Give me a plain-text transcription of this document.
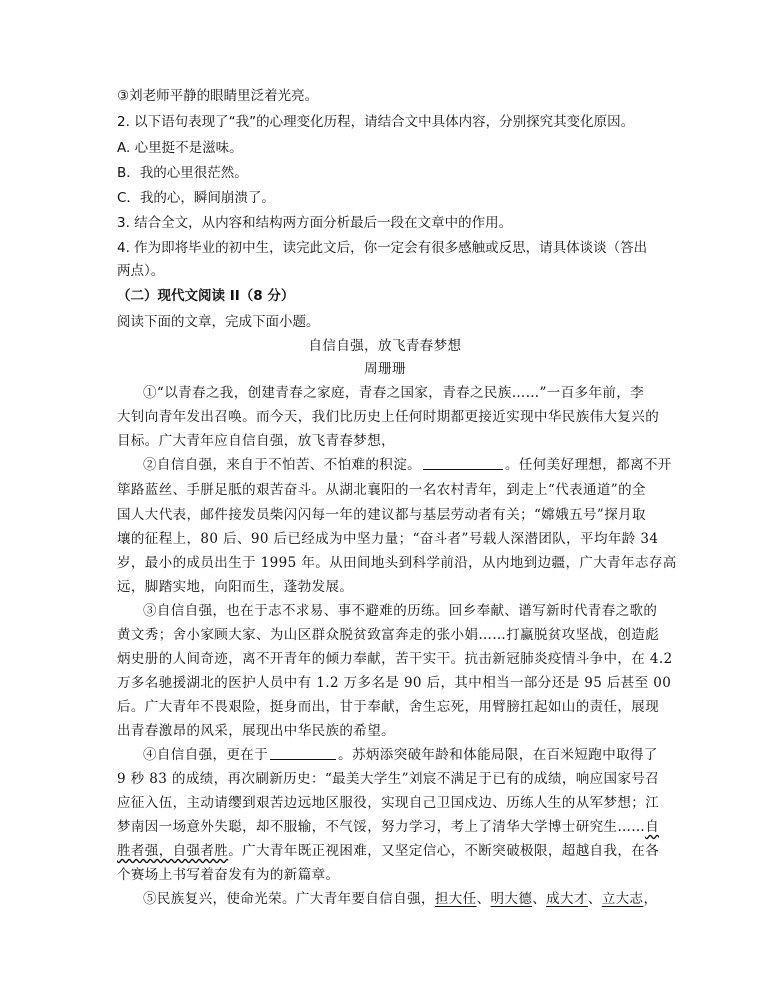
③刘老师平静的眼睛里泛着光亮。
2. 以下语句表现了“我”的心理变化历程，请结合文中具体内容，分别探究其变化原因。
A. 心里挺不是滋味。
B．我的心里很茫然。
C．我的心，瞬间崩溃了。
3. 结合全文，从内容和结构两方面分析最后一段在文章中的作用。
4. 作为即将毕业的初中生，读完此文后，你一定会有很多感触或反思，请具体谈谈（答出
两点）。
（二）现代文阅读 II（8 分）
阅读下面的文章，完成下面小题。
自信自强，放飞青春梦想
周珊珊
①“以青春之我，创建青春之家庭，青春之国家，青春之民族……”一百多年前，李
大钊向青年发出召唤。而今天，我们比历史上任何时期都更接近实现中华民族伟大复兴的
目标。广大青年应自信自强，放飞青春梦想，
②自信自强，来自于不怕苦、不怕难的积淀。	。任何美好理想，都离不开
筚路蓝丝、手胼足胝的艰苦奋斗。从湖北襄阳的一名农村青年，到走上“代表通道”的全
国人大代表，邮件接发员柴闪闪每一年的建议都与基层劳动者有关；“嫦娥五号”探月取
壤的征程上，80 后、90 后已经成为中坚力量；“奋斗者”号载人深潜团队，平均年龄 34
岁，最小的成员出生于 1995 年。从田间地头到科学前沿，从内地到边疆，广大青年志存高
远，脚踏实地，向阳而生，蓬勃发展。
③自信自强，也在于志不求易、事不避难的历练。回乡奉献、谱写新时代青春之歌的
黄文秀；舍小家顾大家、为山区群众脱贫致富奔走的张小娟……打赢脱贫攻坚战，创造彪
炳史册的人间奇迹，离不开青年的倾力奉献，苦干实干。抗击新冠肺炎疫情斗争中，在 4.2
万多名驰援湖北的医护人员中有 1.2 万多名是 90 后，其中相当一部分还是 95 后甚至 00
后。广大青年不畏艰险，挺身而出，甘于奉献，舍生忘死，用臂膀扛起如山的责任，展现
出青春激昂的风采，展现出中华民族的希望。
④自信自强，更在于	。苏炳添突破年龄和体能局限，在百米短跑中取得了
9 秒 83 的成绩，再次刷新历史：“最美大学生”刘宸不满足于已有的成绩，响应国家号召
应征入伍，主动请缨到艰苦边远地区服役，实现自己卫国戍边、历练人生的从军梦想；江
梦南因一场意外失聪，却不服输，不气馁，努力学习，考上了清华大学博士研究生……自
胜者强，自强者胜。广大青年既正视困难，又坚定信心，不断突破极限，超越自我，在各
个赛场上书写着奋发有为的新篇章。
⑤民族复兴，使命光荣。广大青年要自信自强，担大任、明大德、成大才、立大志，
